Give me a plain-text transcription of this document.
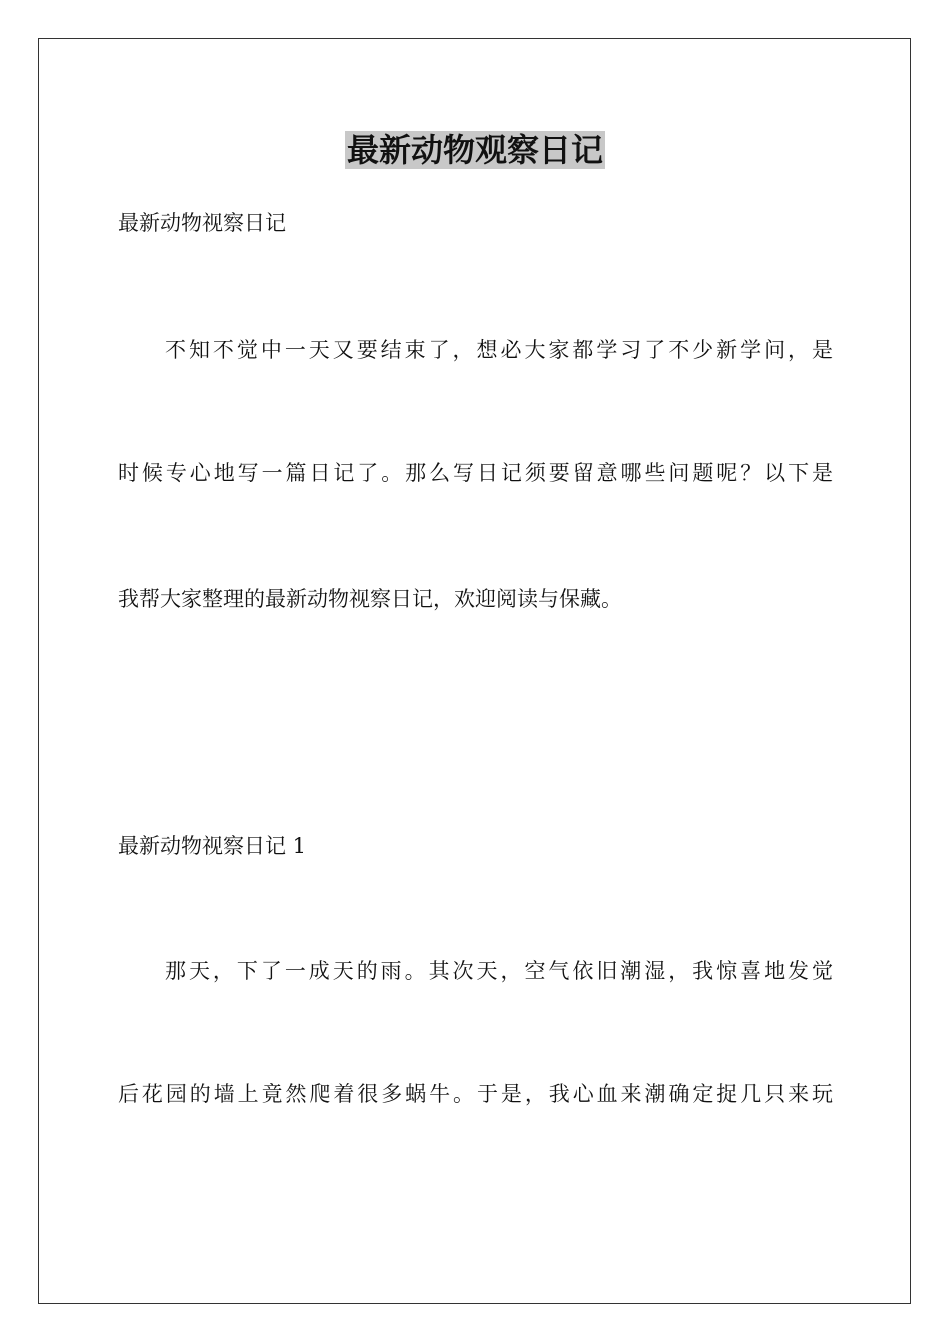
最新动物观察日记
最新动物视察日记
不知不觉中一天又要结束了，想必大家都学习了不少新学问，是
时候专心地写一篇日记了。那么写日记须要留意哪些问题呢？以下是
我帮大家整理的最新动物视察日记，欢迎阅读与保藏。
最新动物视察日记 1
那天，下了一成天的雨。其次天，空气依旧潮湿，我惊喜地发觉
后花园的墙上竟然爬着很多蜗牛。于是，我心血来潮确定捉几只来玩
